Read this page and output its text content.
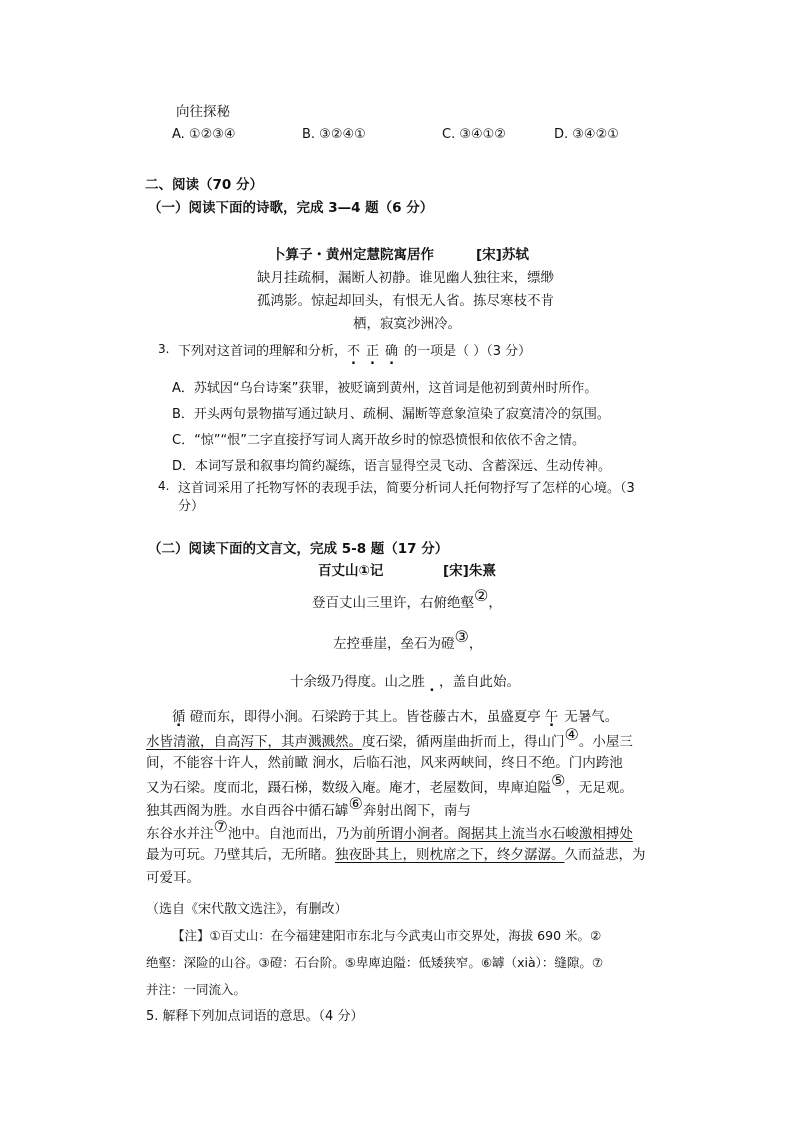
向往探秘
A. ①②③④	B. ③②④①	C. ③④①②	D. ③④②①
二、阅读（70 分）
（一）阅读下面的诗歌，完成 3—4 题（6 分）
卜算子・黄州定慧院寓居作	[宋]苏轼
缺月挂疏桐，漏断人初静。谁见幽人独往来，缥缈
孤鸿影。惊起却回头，有恨无人省。拣尽寒枝不肯
栖，寂寞沙洲冷。
3. 下列对这首词的理解和分析，不 正 确 的一项是（ ）（3 分）
A．苏轼因“乌台诗案”获罪，被贬谪到黄州，这首词是他初到黄州时所作。
B．开头两句景物描写通过缺月、疏桐、漏断等意象渲染了寂寞清冷的氛围。
C．“惊”“恨”二字直接抒写词人离开故乡时的惊恐愤恨和依依不舍之情。
D．本词写景和叙事均简约凝练，语言显得空灵飞动、含蓄深远、生动传神。
4. 这首词采用了托物写怀的表现手法，简要分析词人托何物抒写了怎样的心境。（3
分）
（二）阅读下面的文言文，完成 5-8 题（17 分）
百丈山①记	[宋]朱熹
登百丈山三里许，右俯绝壑②，
左控垂崖，垒石为磴③，
十余级乃得度。山之胜 ，盖自此始。
循 磴而东，即得小涧。石梁跨于其上。皆苍藤古木，虽盛夏亭 午 无暑气。
水皆清澈，自高泻下，其声溅溅然。度石梁，循两崖曲折而上，得山门④。小屋三
间，不能容十许人，然前瞰 涧水，后临石池，风来两峡间，终日不绝。门内跨池
又为石梁。度而北，蹑石梯，数级入庵。庵才，老屋数间，卑庳迫隘⑤，无足观。
独其西阁为胜。水自西谷中循石罅⑥奔射出阁下，南与
东谷水并注⑦池中。自池而出，乃为前所谓小涧者。阁据其上流当水石峻激相搏处
最为可玩。乃壁其后，无所睹。独夜卧其上，则枕席之下，终夕潺潺。久而益悲，为
可爱耳。
（选自《宋代散文选注》，有删改）
【注】①百丈山：在今福建建阳市东北与今武夷山市交界处，海拔 690 米。②
绝壑：深险的山谷。③磴：石台阶。⑤卑庳迫隘：低矮狭窄。⑥罅（xià）：缝隙。⑦
并注：一同流入。
5. 解释下列加点词语的意思。（4 分）
